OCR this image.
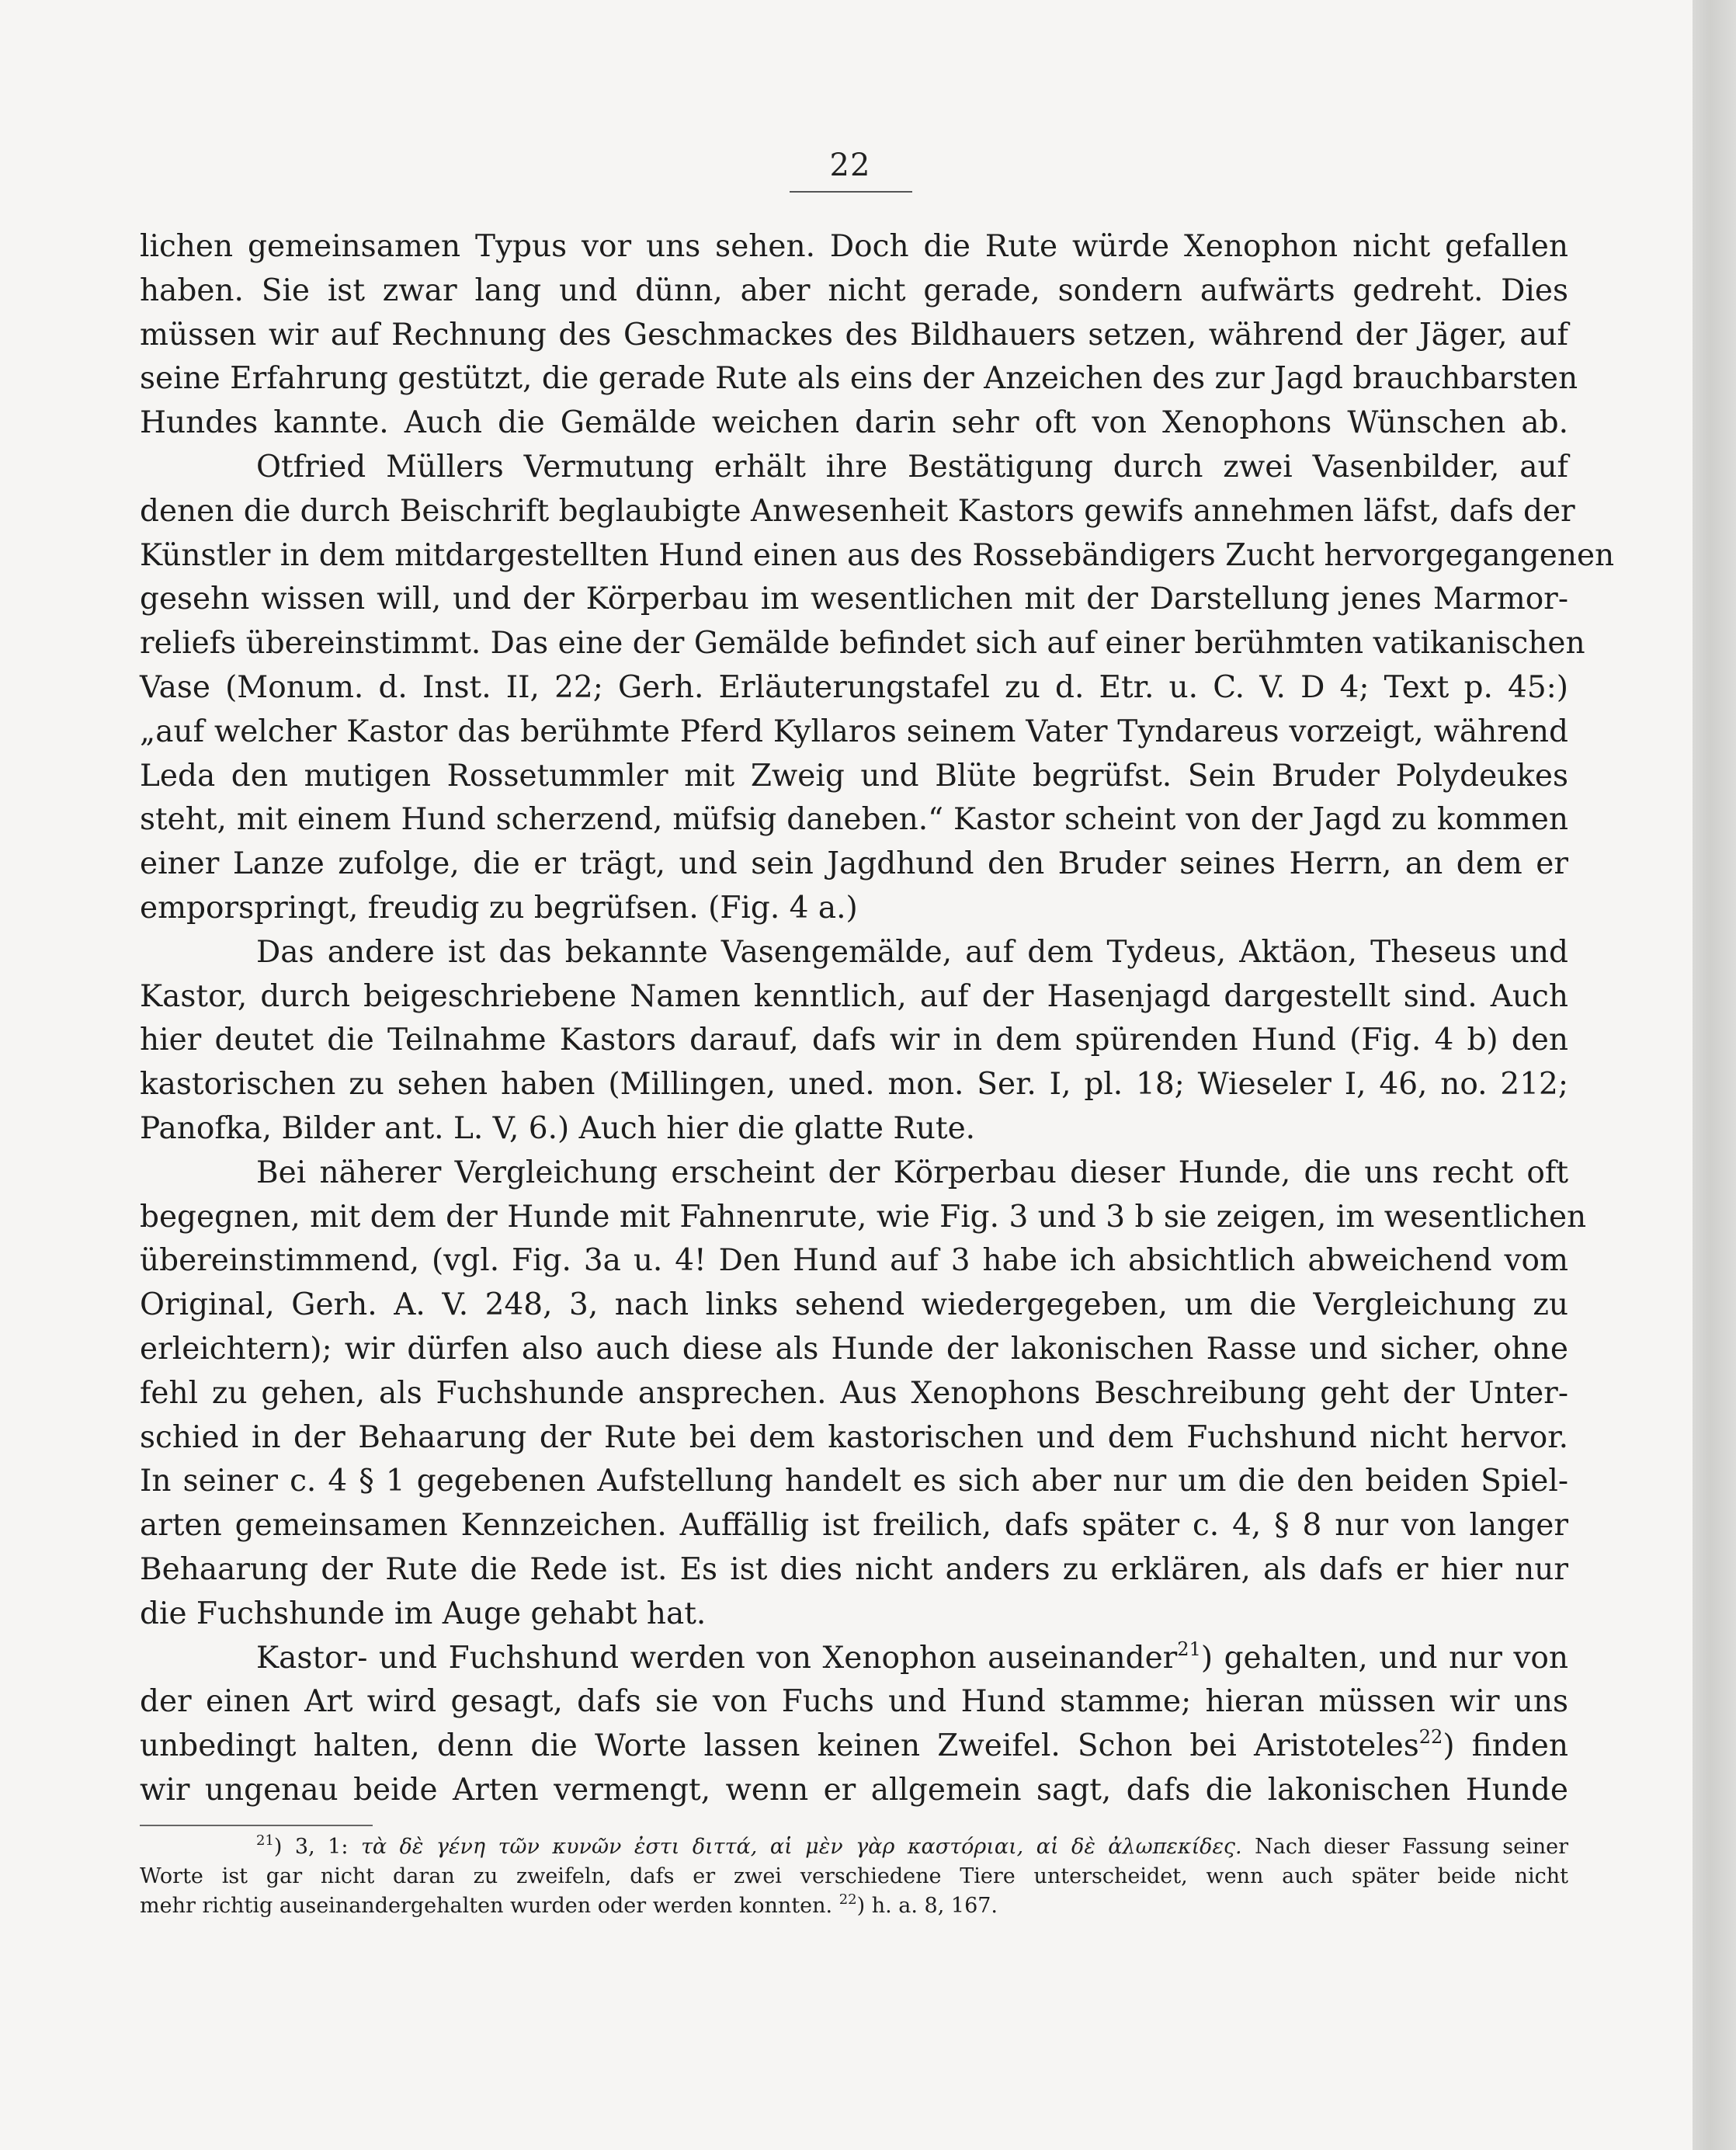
22
lichen gemeinsamen Typus vor uns sehen. Doch die Rute würde Xenophon nicht gefallen
haben. Sie ist zwar lang und dünn, aber nicht gerade, sondern aufwärts gedreht. Dies
müssen wir auf Rechnung des Geschmackes des Bildhauers setzen, während der Jäger, auf
seine Erfahrung gestützt, die gerade Rute als eins der Anzeichen des zur Jagd brauchbarsten
Hundes kannte. Auch die Gemälde weichen darin sehr oft von Xenophons Wünschen ab.
Otfried Müllers Vermutung erhält ihre Bestätigung durch zwei Vasenbilder, auf
denen die durch Beischrift beglaubigte Anwesenheit Kastors gewifs annehmen läfst, dafs der
Künstler in dem mitdargestellten Hund einen aus des Rossebändigers Zucht hervorgegangenen
gesehn wissen will, und der Körperbau im wesentlichen mit der Darstellung jenes Marmor-
reliefs übereinstimmt. Das eine der Gemälde befindet sich auf einer berühmten vatikanischen
Vase (Monum. d. Inst. II, 22; Gerh. Erläuterungstafel zu d. Etr. u. C. V. D 4; Text p. 45:)
„auf welcher Kastor das berühmte Pferd Kyllaros seinem Vater Tyndareus vorzeigt, während
Leda den mutigen Rossetummler mit Zweig und Blüte begrüfst. Sein Bruder Polydeukes
steht, mit einem Hund scherzend, müfsig daneben.“ Kastor scheint von der Jagd zu kommen
einer Lanze zufolge, die er trägt, und sein Jagdhund den Bruder seines Herrn, an dem er
emporspringt, freudig zu begrüfsen. (Fig. 4 a.)
Das andere ist das bekannte Vasengemälde, auf dem Tydeus, Aktäon, Theseus und
Kastor, durch beigeschriebene Namen kenntlich, auf der Hasenjagd dargestellt sind. Auch
hier deutet die Teilnahme Kastors darauf, dafs wir in dem spürenden Hund (Fig. 4 b) den
kastorischen zu sehen haben (Millingen, uned. mon. Ser. I, pl. 18; Wieseler I, 46, no. 212;
Panofka, Bilder ant. L. V, 6.) Auch hier die glatte Rute.
Bei näherer Vergleichung erscheint der Körperbau dieser Hunde, die uns recht oft
begegnen, mit dem der Hunde mit Fahnenrute, wie Fig. 3 und 3 b sie zeigen, im wesentlichen
übereinstimmend, (vgl. Fig. 3a u. 4! Den Hund auf 3 habe ich absichtlich abweichend vom
Original, Gerh. A. V. 248, 3, nach links sehend wiedergegeben, um die Vergleichung zu
erleichtern); wir dürfen also auch diese als Hunde der lakonischen Rasse und sicher, ohne
fehl zu gehen, als Fuchshunde ansprechen. Aus Xenophons Beschreibung geht der Unter-
schied in der Behaarung der Rute bei dem kastorischen und dem Fuchshund nicht hervor.
In seiner c. 4 § 1 gegebenen Aufstellung handelt es sich aber nur um die den beiden Spiel-
arten gemeinsamen Kennzeichen. Auffällig ist freilich, dafs später c. 4, § 8 nur von langer
Behaarung der Rute die Rede ist. Es ist dies nicht anders zu erklären, als dafs er hier nur
die Fuchshunde im Auge gehabt hat.
Kastor- und Fuchshund werden von Xenophon auseinander$^{21}$) gehalten, und nur von
der einen Art wird gesagt, dafs sie von Fuchs und Hund stamme; hieran müssen wir uns
unbedingt halten, denn die Worte lassen keinen Zweifel. Schon bei Aristoteles$^{22}$) finden
wir ungenau beide Arten vermengt, wenn er allgemein sagt, dafs die lakonischen Hunde
$^{21}$) 3, 1: τὰ δὲ γένη τῶν κυνῶν ἐστι διττά, αἱ μὲν γὰρ καστόριαι, αἱ δὲ ἀλωπεκίδες. Nach dieser Fassung seiner
Worte ist gar nicht daran zu zweifeln, dafs er zwei verschiedene Tiere unterscheidet, wenn auch später beide nicht
mehr richtig auseinandergehalten wurden oder werden konnten. $^{22}$) h. a. 8, 167.
